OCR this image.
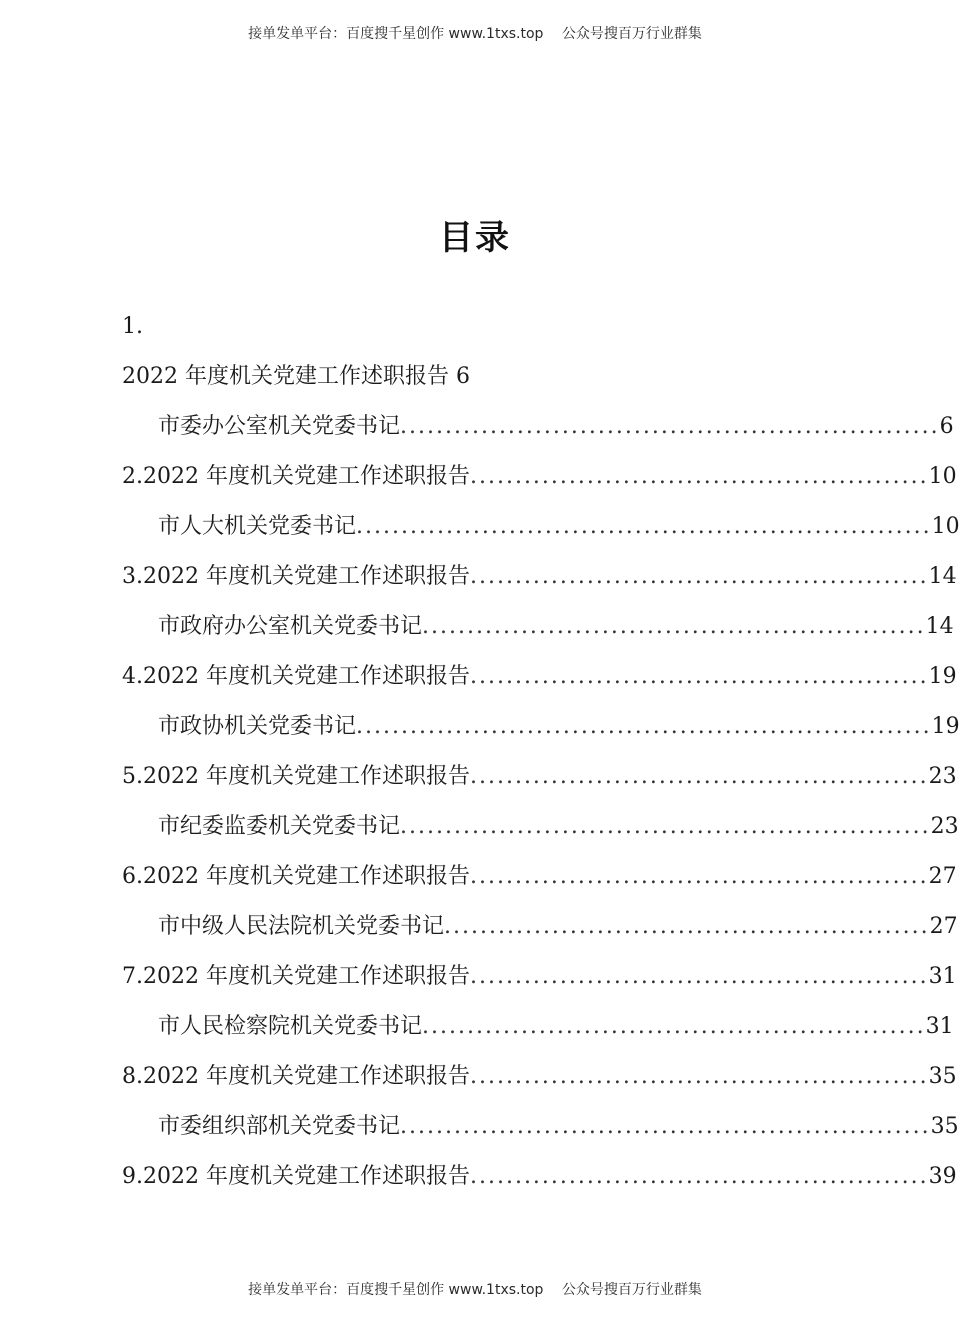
接单发单平台：百度搜千星创作 www.1txs.top　 公众号搜百万行业群集
目录
1.
2022 年度机关党建工作述职报告 6
市委办公室机关党委书记............................................................6
2.2022 年度机关党建工作述职报告...................................................10
市人大机关党委书记................................................................10
3.2022 年度机关党建工作述职报告...................................................14
市政府办公室机关党委书记........................................................14
4.2022 年度机关党建工作述职报告...................................................19
市政协机关党委书记................................................................19
5.2022 年度机关党建工作述职报告...................................................23
市纪委监委机关党委书记...........................................................23
6.2022 年度机关党建工作述职报告...................................................27
市中级人民法院机关党委书记......................................................27
7.2022 年度机关党建工作述职报告...................................................31
市人民检察院机关党委书记........................................................31
8.2022 年度机关党建工作述职报告...................................................35
市委组织部机关党委书记...........................................................35
9.2022 年度机关党建工作述职报告...................................................39
接单发单平台：百度搜千星创作 www.1txs.top　 公众号搜百万行业群集
